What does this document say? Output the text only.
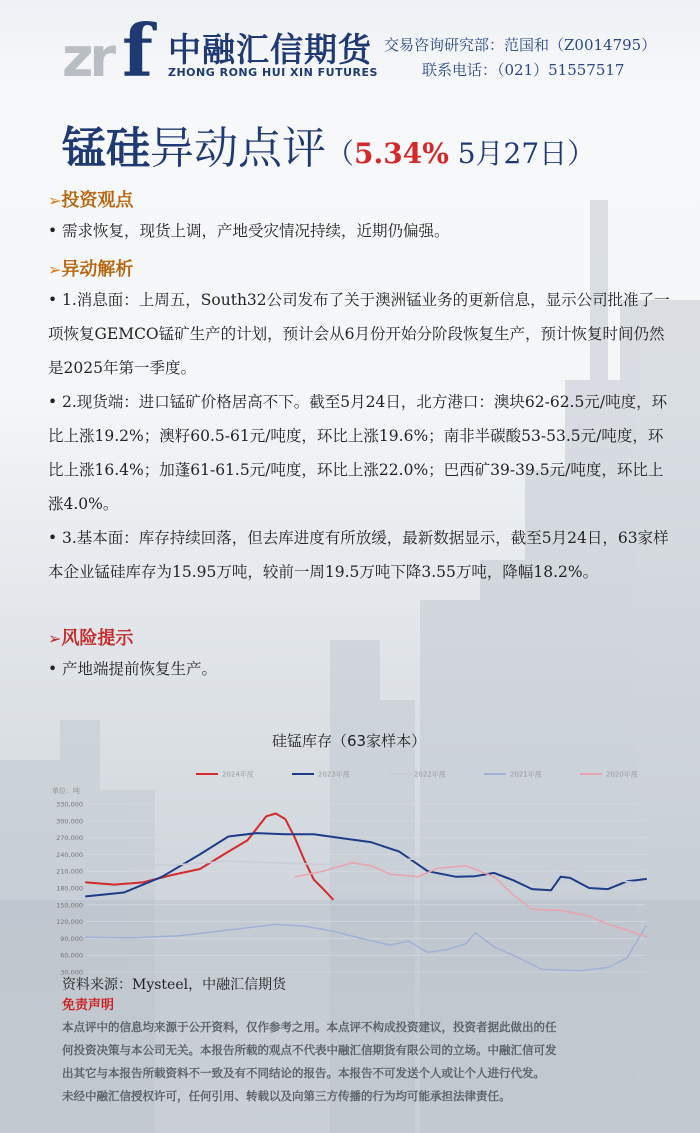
zr f 中融汇信期货
ZHONG RONG HUI XIN FUTURES
交易咨询研究部：范国和（Z0014795）
联系电话：（021）51557517
锰硅异动点评（5.34% 5月27日）
➢投资观点
• 需求恢复，现货上调，产地受灾情况持续，近期仍偏强。
➢异动解析
• 1.消息面：上周五，South32公司发布了关于澳洲锰业务的更新信息，显示公司批准了一项恢复GEMCO锰矿生产的计划，预计会从6月份开始分阶段恢复生产，预计恢复时间仍然是2025年第一季度。
• 2.现货端：进口锰矿价格居高不下。截至5月24日，北方港口：澳块62-62.5元/吨度，环比上涨19.2%；澳籽60.5-61元/吨度，环比上涨19.6%；南非半碳酸53-53.5元/吨度，环比上涨16.4%；加蓬61-61.5元/吨度，环比上涨22.0%；巴西矿39-39.5元/吨度，环比上涨4.0%。
• 3.基本面：库存持续回落，但去库进度有所放缓，最新数据显示，截至5月24日，63家样本企业锰硅库存为15.95万吨，较前一周19.5万吨下降3.55万吨，降幅18.2%。
➢风险提示
• 产地端提前恢复生产。
硅锰库存（63家样本）
单位：吨
330,000
300,000
270,000
240,000
210,000
180,000
150,000
120,000
90,000
60,000
30,000
2024年度	2023年度	2022年度	2021年度	2020年度
资料来源：Mysteel，中融汇信期货
免责声明
本点评中的信息均来源于公开资料，仅作参考之用。本点评不构成投资建议，投资者据此做出的任
何投资决策与本公司无关。本报告所载的观点不代表中融汇信期货有限公司的立场。中融汇信可发
出其它与本报告所载资料不一致及有不同结论的报告。本报告不可发送个人或让个人进行代发。
未经中融汇信授权许可，任何引用、转载以及向第三方传播的行为均可能承担法律责任。
